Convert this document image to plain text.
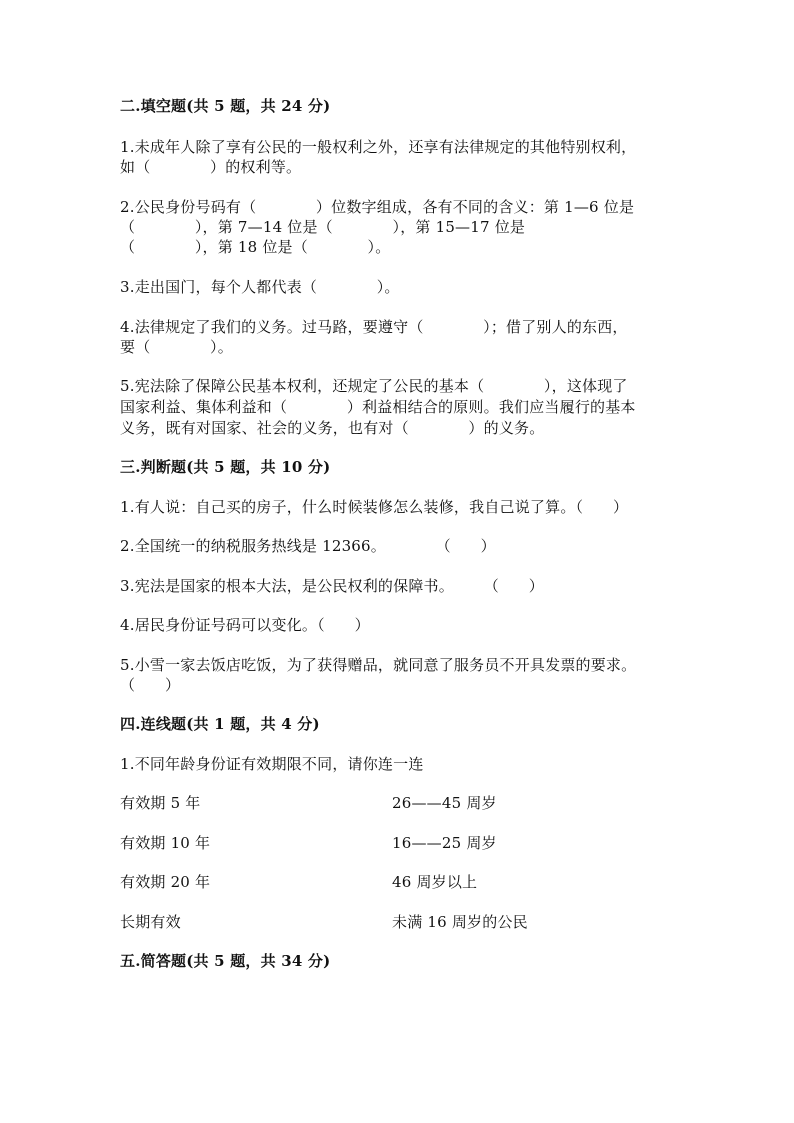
二.填空题(共 5 题，共 24 分)
1.未成年人除了享有公民的一般权利之外，还享有法律规定的其他特别权利，
如（            ）的权利等。
2.公民身份号码有（            ）位数字组成，各有不同的含义：第 1—6 位是
（            ），第 7—14 位是（            ），第 15—17 位是
（            ），第 18 位是（            ）。
3.走出国门，每个人都代表（            ）。
4.法律规定了我们的义务。过马路，要遵守（            ）；借了别人的东西，
要（            ）。
5.宪法除了保障公民基本权利，还规定了公民的基本（            ），这体现了
国家利益、集体利益和（            ）利益相结合的原则。我们应当履行的基本
义务，既有对国家、社会的义务，也有对（            ）的义务。
三.判断题(共 5 题，共 10 分)
1.有人说：自己买的房子，什么时候装修怎么装修，我自己说了算。（      ）
2.全国统一的纳税服务热线是 12366。          （      ）
3.宪法是国家的根本大法，是公民权利的保障书。      （      ）
4.居民身份证号码可以变化。（      ）
5.小雪一家去饭店吃饭，为了获得赠品，就同意了服务员不开具发票的要求。
（      ）
四.连线题(共 1 题，共 4 分)
1.不同年龄身份证有效期限不同，请你连一连
有效期 5 年	26——45 周岁
有效期 10 年	16——25 周岁
有效期 20 年	46 周岁以上
长期有效	未满 16 周岁的公民
五.简答题(共 5 题，共 34 分)
